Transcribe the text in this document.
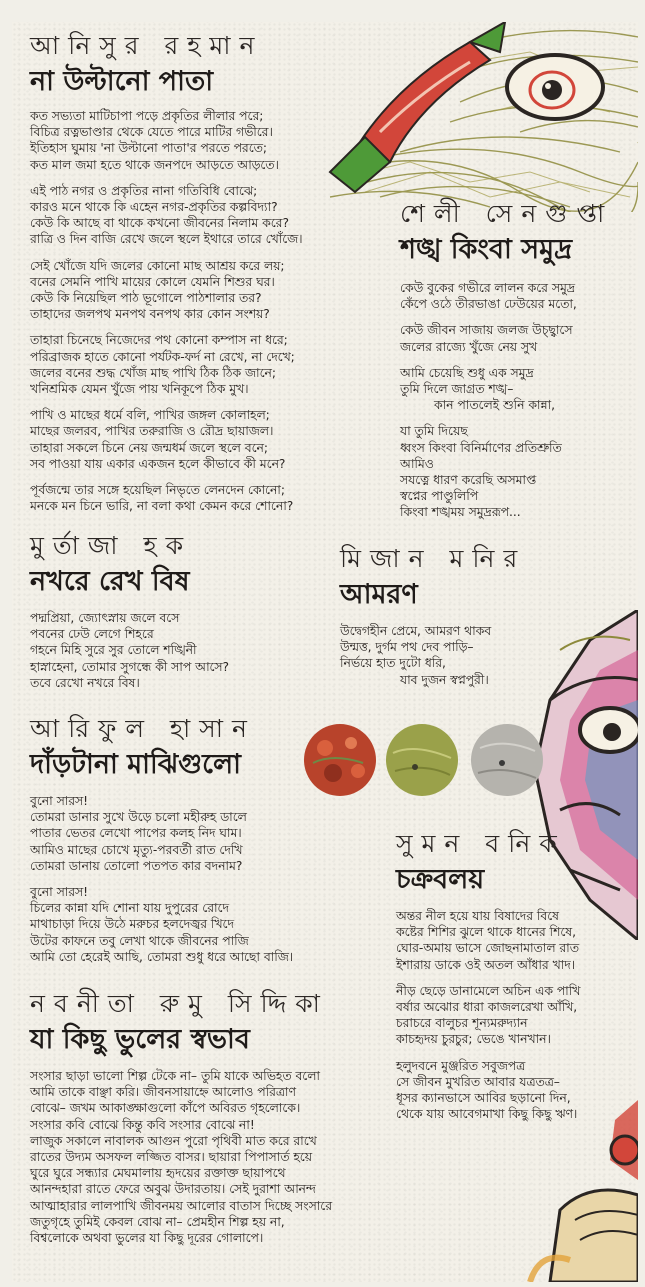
আনিসুর রহমান
না উল্টানো পাতা
কত সভ্যতা মাটিচাপা পড়ে প্রকৃতির লীলার পরে;
বিচিত্র রত্নভাণ্ডার থেকে যেতে পারে মাটির গভীরে।
ইতিহাস ঘুমায় 'না উল্টানো পাতা'র পরতে পরতে;
কত মাল জমা হতে থাকে জনপদে আড়তে আড়তে।
এই পাঠ নগর ও প্রকৃতির নানা গতিবিধি বোঝে;
কারও মনে থাকে কি এহেন নগর-প্রকৃতির কল্পবিদ্যা?
কেউ কি আছে বা থাকে কখনো জীবনের নিলাম করে?
রাত্রি ও দিন বাজি রেখে জলে স্থলে ইথারে তারে খোঁজে।
সেই খোঁজে যদি জলের কোনো মাছ আশ্রয় করে লয়;
বনের সেমনি পাখি মায়ের কোলে যেমনি শিশুর ঘর।
কেউ কি নিয়েছিল পাঠ ভূগোলে পাঠশালার তর?
তাহাদের জলপথ মনপথ বনপথ কার কোন সংশয়?
তাহারা চিনেছে নিজেদের পথ কোনো কম্পাস না ধরে;
পরিব্রাজক হাতে কোনো পর্যটক-ফর্দ না রেখে, না দেখে;
জলের বনের শুদ্ধ খোঁজ মাছ পাখি ঠিক ঠিক জানে;
খনিশ্রমিক যেমন খুঁজে পায় খনিকূপে ঠিক মুখ।
পাখি ও মাছের ধর্মে বলি, পাখির জঙ্গল কোলাহল;
মাছের জলরব, পাখির তরুরাজি ও রৌদ্র ছায়াজল।
তাহারা সকলে চিনে নেয় জন্মধর্ম জলে স্থলে বনে;
সব পাওয়া যায় একার একজন হলে কীভাবে কী মনে?
পূর্বজন্মে তার সঙ্গে হয়েছিল নিভৃতে লেনদেন কোনো;
মনকে মন চিনে ভারি, না বলা কথা কেমন করে শোনো?
শেলী সেনগুপ্তা
শঙ্খ কিংবা সমুদ্র
কেউ বুকের গভীরে লালন করে সমুদ্র
কেঁপে ওঠে তীরভাঙা ঢেউয়ের মতো,
কেউ জীবন সাজায় জলজ উচ্ছ্বাসে
জলের রাজ্যে খুঁজে নেয় সুখ
আমি চেয়েছি শুধু এক সমুদ্র
তুমি দিলে জাগ্রত শঙ্খ–
কান পাতলেই শুনি কান্না,
যা তুমি দিয়েছ
ধ্বংস কিংবা বিনির্মাণের প্রতিশ্রুতি
আমিও
সযত্নে ধারণ করেছি অসমাপ্ত
স্বপ্নের পাণ্ডুলিপি
কিংবা শঙ্খময় সমুদ্ররূপ...
মুর্তাজা হক
নখরে রেখ বিষ
পদ্মপ্রিয়া, জ্যোৎস্নায় জলে বসে
পবনের ঢেউ লেগে শিহরে
গহনে মিহি সুরে সুর তোলে শঙ্খিনী
হাস্নাহেনা, তোমার সুগন্ধে কী সাপ আসে?
তবে রেখো নখরে বিষ।
মিজান মনির
আমরণ
উদ্বেগহীন প্রেমে, আমরণ থাকব
উন্মত্ত, দুর্গম পথ দেব পাড়ি–
নির্ভয়ে হাত দুটো ধরি,
যাব দুজন স্বপ্নপুরী।
আরিফুল হাসান
দাঁড়টানা মাঝিগুলো
বুনো সারস!
তোমরা ডানার সুখে উড়ে চলো মহীরুহ ডালে
পাতার ভেতর লেখো পাপের কলহ নিদ ঘাম।
আমিও মাছের চোখে মৃত্যু-পরবর্তী রাত দেখি
তোমরা ডানায় তোলো পতপত কার বদনাম?
বুনো সারস!
চিলের কান্না যদি শোনা যায় দুপুরের রোদে
মাথাচাড়া দিয়ে উঠে মরুচর হলদেজ্বর খিদে
উটের কাফনে তবু লেখা থাকে জীবনের পাজি
আমি তো হেরেই আছি, তোমরা শুধু ধরে আছো বাজি।
সুমন বনিক
চক্রবলয়
অন্তর নীল হয়ে যায় বিষাদের বিষে
কষ্টের শিশির ঝুলে থাকে ধানের শিষে,
ঘোর-অমায় ভাসে জোছনামাতাল রাত
ইশারায় ডাকে ওই অতল আঁধার খাদ।
নীড় ছেড়ে ডানামেলে অচিন এক পাখি
বর্ষার অঝোর ধারা কাজলরেখা আঁখি,
চরাচরে বালুচর শূন্যমরুদ্যান
কাচহৃদয় চুরচুর; ভেঙে খানখান।
হলুদবনে মুঞ্জরিত সবুজপত্র
সে জীবন মুখরিত আবার যত্রতত্র–
ধূসর ক্যানভাসে আবির ছড়ানো দিন,
থেকে যায় আবেগমাখা কিছু কিছু ঋণ।
নবনীতা রুমু সিদ্দিকা
যা কিছু ভুলের স্বভাব
সংসার ছাড়া ভালো শিল্প টেকে না– তুমি যাকে অভিহত বলো
আমি তাকে বাঞ্ছা করি। জীবনসায়াহ্নে আলোও পরিত্রাণ
বোঝে– জখম আকাঙ্ক্ষাগুলো কাঁপে অবিরত গৃহলোকে।
সংসার কবি বোঝে কিন্তু কবি সংসার বোঝে না!
লাজুক সকালে নাবালক আগুন পুরো পৃথিবী মাত করে রাখে
রাতের উদ্যম অসফল লজ্জিত বাসর। ছায়ারা পিপাসার্ত হয়ে
ঘুরে ঘুরে সন্ধ্যার মেঘমালায় হৃদয়ের রক্তাক্ত ছায়াপথে
আনন্দহারা রাতে ফেরে অবুঝ উদারতায়। সেই দুরাশা আনন্দ
আত্মাহারার লালপাখি জীবনময় আলোর বাতাস দিচ্ছে সংসারে
জতুগৃহে তুমিই কেবল বোঝ না– প্রেমহীন শিল্প হয় না,
বিশ্বলোকে অথবা ভুলের যা কিছু দূরের গোলাপে।
